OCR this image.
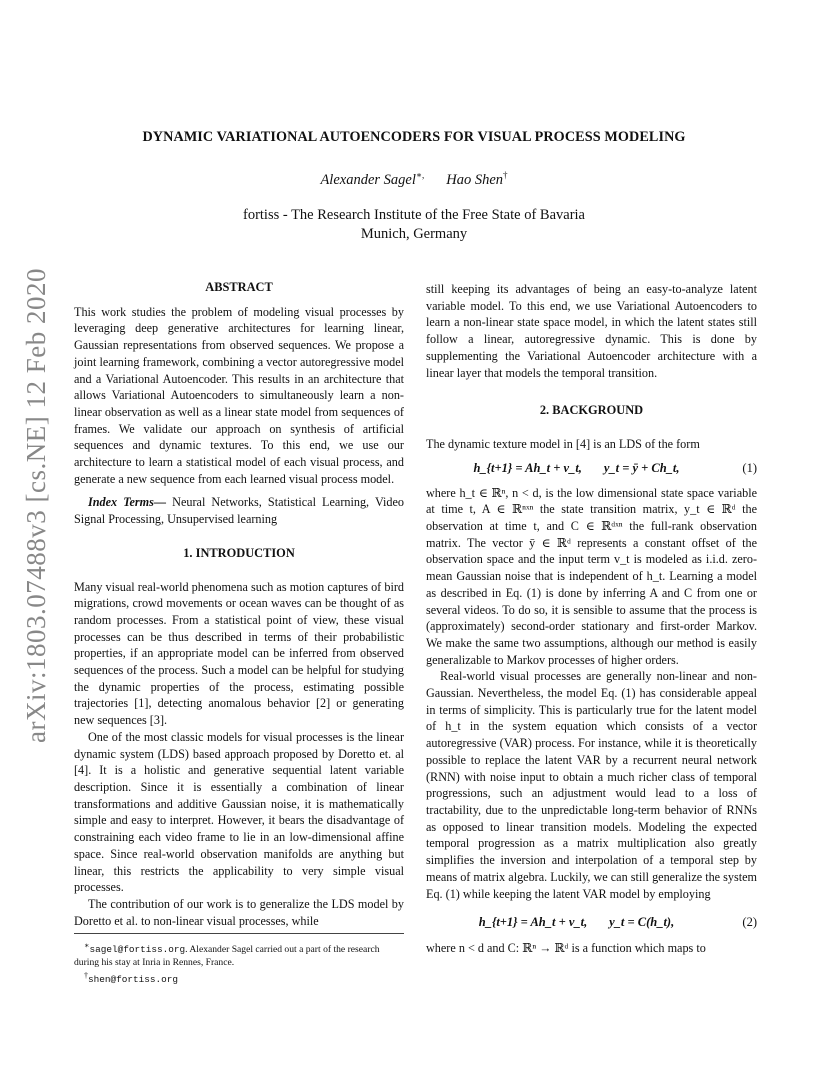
arXiv:1803.07488v3 [cs.NE] 12 Feb 2020
DYNAMIC VARIATIONAL AUTOENCODERS FOR VISUAL PROCESS MODELING
Alexander Sagel∗, Hao Shen†
fortiss - The Research Institute of the Free State of Bavaria
Munich, Germany
ABSTRACT

This work studies the problem of modeling visual processes by leveraging deep generative architectures for learning linear, Gaussian representations from observed sequences. We propose a joint learning framework, combining a vector autoregressive model and a Variational Autoencoder. This results in an architecture that allows Variational Autoencoders to simultaneously learn a non-linear observation as well as a linear state model from sequences of frames. We validate our approach on synthesis of artificial sequences and dynamic textures. To this end, we use our architecture to learn a statistical model of each visual process, and generate a new sequence from each learned visual process model.

Index Terms— Neural Networks, Statistical Learning, Video Signal Processing, Unsupervised learning

1. INTRODUCTION

Many visual real-world phenomena such as motion captures of bird migrations, crowd movements or ocean waves can be thought of as random processes. From a statistical point of view, these visual processes can be thus described in terms of their probabilistic properties, if an appropriate model can be inferred from observed sequences of the process. Such a model can be helpful for studying the dynamic properties of the process, estimating possible trajectories [1], detecting anomalous behavior [2] or generating new sequences [3].

One of the most classic models for visual processes is the linear dynamic system (LDS) based approach proposed by Doretto et. al [4]. It is a holistic and generative sequential latent variable description. Since it is essentially a combination of linear transformations and additive Gaussian noise, it is mathematically simple and easy to interpret. However, it bears the disadvantage of constraining each video frame to lie in an low-dimensional affine space. Since real-world observation manifolds are anything but linear, this restricts the applicability to very simple visual processes.

The contribution of our work is to generalize the LDS model by Doretto et al. to non-linear visual processes, while

∗sagel@fortiss.org. Alexander Sagel carried out a part of the research during his stay at Inria in Rennes, France.
†shen@fortiss.org

still keeping its advantages of being an easy-to-analyze latent variable model. To this end, we use Variational Autoencoders to learn a non-linear state space model, in which the latent states still follow a linear, autoregressive dynamic. This is done by supplementing the Variational Autoencoder architecture with a linear layer that models the temporal transition.

2. BACKGROUND

The dynamic texture model in [4] is an LDS of the form

h_{t+1} = Ah_t + v_t, y_t = ȳ + Ch_t,	(1)

where h_t ∈ ℝⁿ, n < d, is the low dimensional state space variable at time t, A ∈ ℝⁿˣⁿ the state transition matrix, y_t ∈ ℝᵈ the observation at time t, and C ∈ ℝᵈˣⁿ the full-rank observation matrix. The vector ȳ ∈ ℝᵈ represents a constant offset of the observation space and the input term v_t is modeled as i.i.d. zero-mean Gaussian noise that is independent of h_t. Learning a model as described in Eq. (1) is done by inferring A and C from one or several videos. To do so, it is sensible to assume that the process is (approximately) second-order stationary and first-order Markov. We make the same two assumptions, although our method is easily generalizable to Markov processes of higher orders.

Real-world visual processes are generally non-linear and non-Gaussian. Nevertheless, the model Eq. (1) has considerable appeal in terms of simplicity. This is particularly true for the latent model of h_t in the system equation which consists of a vector autoregressive (VAR) process. For instance, while it is theoretically possible to replace the latent VAR by a recurrent neural network (RNN) with noise input to obtain a much richer class of temporal progressions, such an adjustment would lead to a loss of tractability, due to the unpredictable long-term behavior of RNNs as opposed to linear transition models. Modeling the expected temporal progression as a matrix multiplication also greatly simplifies the inversion and interpolation of a temporal step by means of matrix algebra. Luckily, we can still generalize the system Eq. (1) while keeping the latent VAR model by employing

h_{t+1} = Ah_t + v_t, y_t = C(h_t),	(2)

where n < d and C: ℝⁿ → ℝᵈ is a function which maps to
